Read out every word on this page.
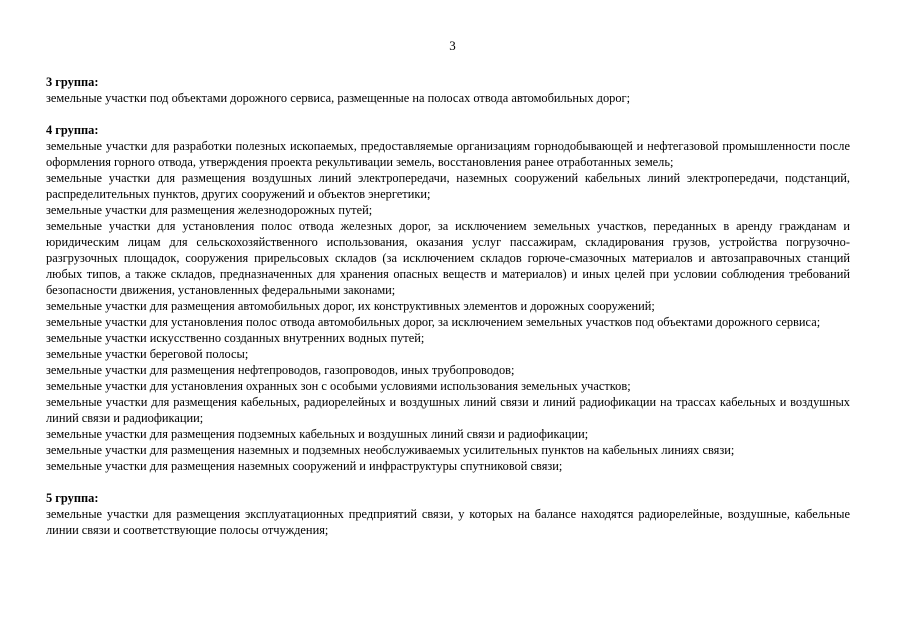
3
3 группа:
земельные участки под объектами дорожного сервиса, размещенные на полосах отвода автомобильных дорог;
4 группа:
земельные участки для разработки полезных ископаемых, предоставляемые организациям горнодобывающей и нефтегазовой промышленности после оформления горного отвода, утверждения проекта рекультивации земель, восстановления ранее отработанных земель;
земельные участки для размещения воздушных линий электропередачи, наземных сооружений кабельных линий электропередачи, подстанций, распределительных пунктов, других сооружений и объектов энергетики;
земельные участки для размещения железнодорожных путей;
земельные участки для установления полос отвода железных дорог, за исключением земельных участков, переданных в аренду гражданам и юридическим лицам для сельскохозяйственного использования, оказания услуг пассажирам, складирования грузов, устройства погрузочно-разгрузочных площадок, сооружения прирельсовых складов (за исключением складов горюче-смазочных материалов и автозаправочных станций любых типов, а также складов, предназначенных для хранения опасных веществ и материалов) и иных целей при условии соблюдения требований безопасности движения, установленных федеральными законами;
земельные участки для размещения автомобильных дорог, их конструктивных элементов и дорожных сооружений;
земельные участки для установления полос отвода автомобильных дорог, за исключением земельных участков под объектами дорожного сервиса;
земельные участки искусственно созданных внутренних водных путей;
земельные участки береговой полосы;
земельные участки для размещения нефтепроводов, газопроводов, иных трубопроводов;
земельные участки для установления охранных зон с особыми условиями использования земельных участков;
земельные участки для размещения кабельных, радиорелейных и воздушных линий связи и линий радиофикации на трассах кабельных и воздушных линий связи и радиофикации;
земельные участки для размещения подземных кабельных и воздушных линий связи и радиофикации;
земельные участки для размещения наземных и подземных необслуживаемых усилительных пунктов на кабельных линиях связи;
земельные участки для размещения наземных сооружений и инфраструктуры спутниковой связи;
5 группа:
земельные участки для размещения эксплуатационных предприятий связи, у которых на балансе находятся радиорелейные, воздушные, кабельные линии связи и соответствующие полосы отчуждения;
